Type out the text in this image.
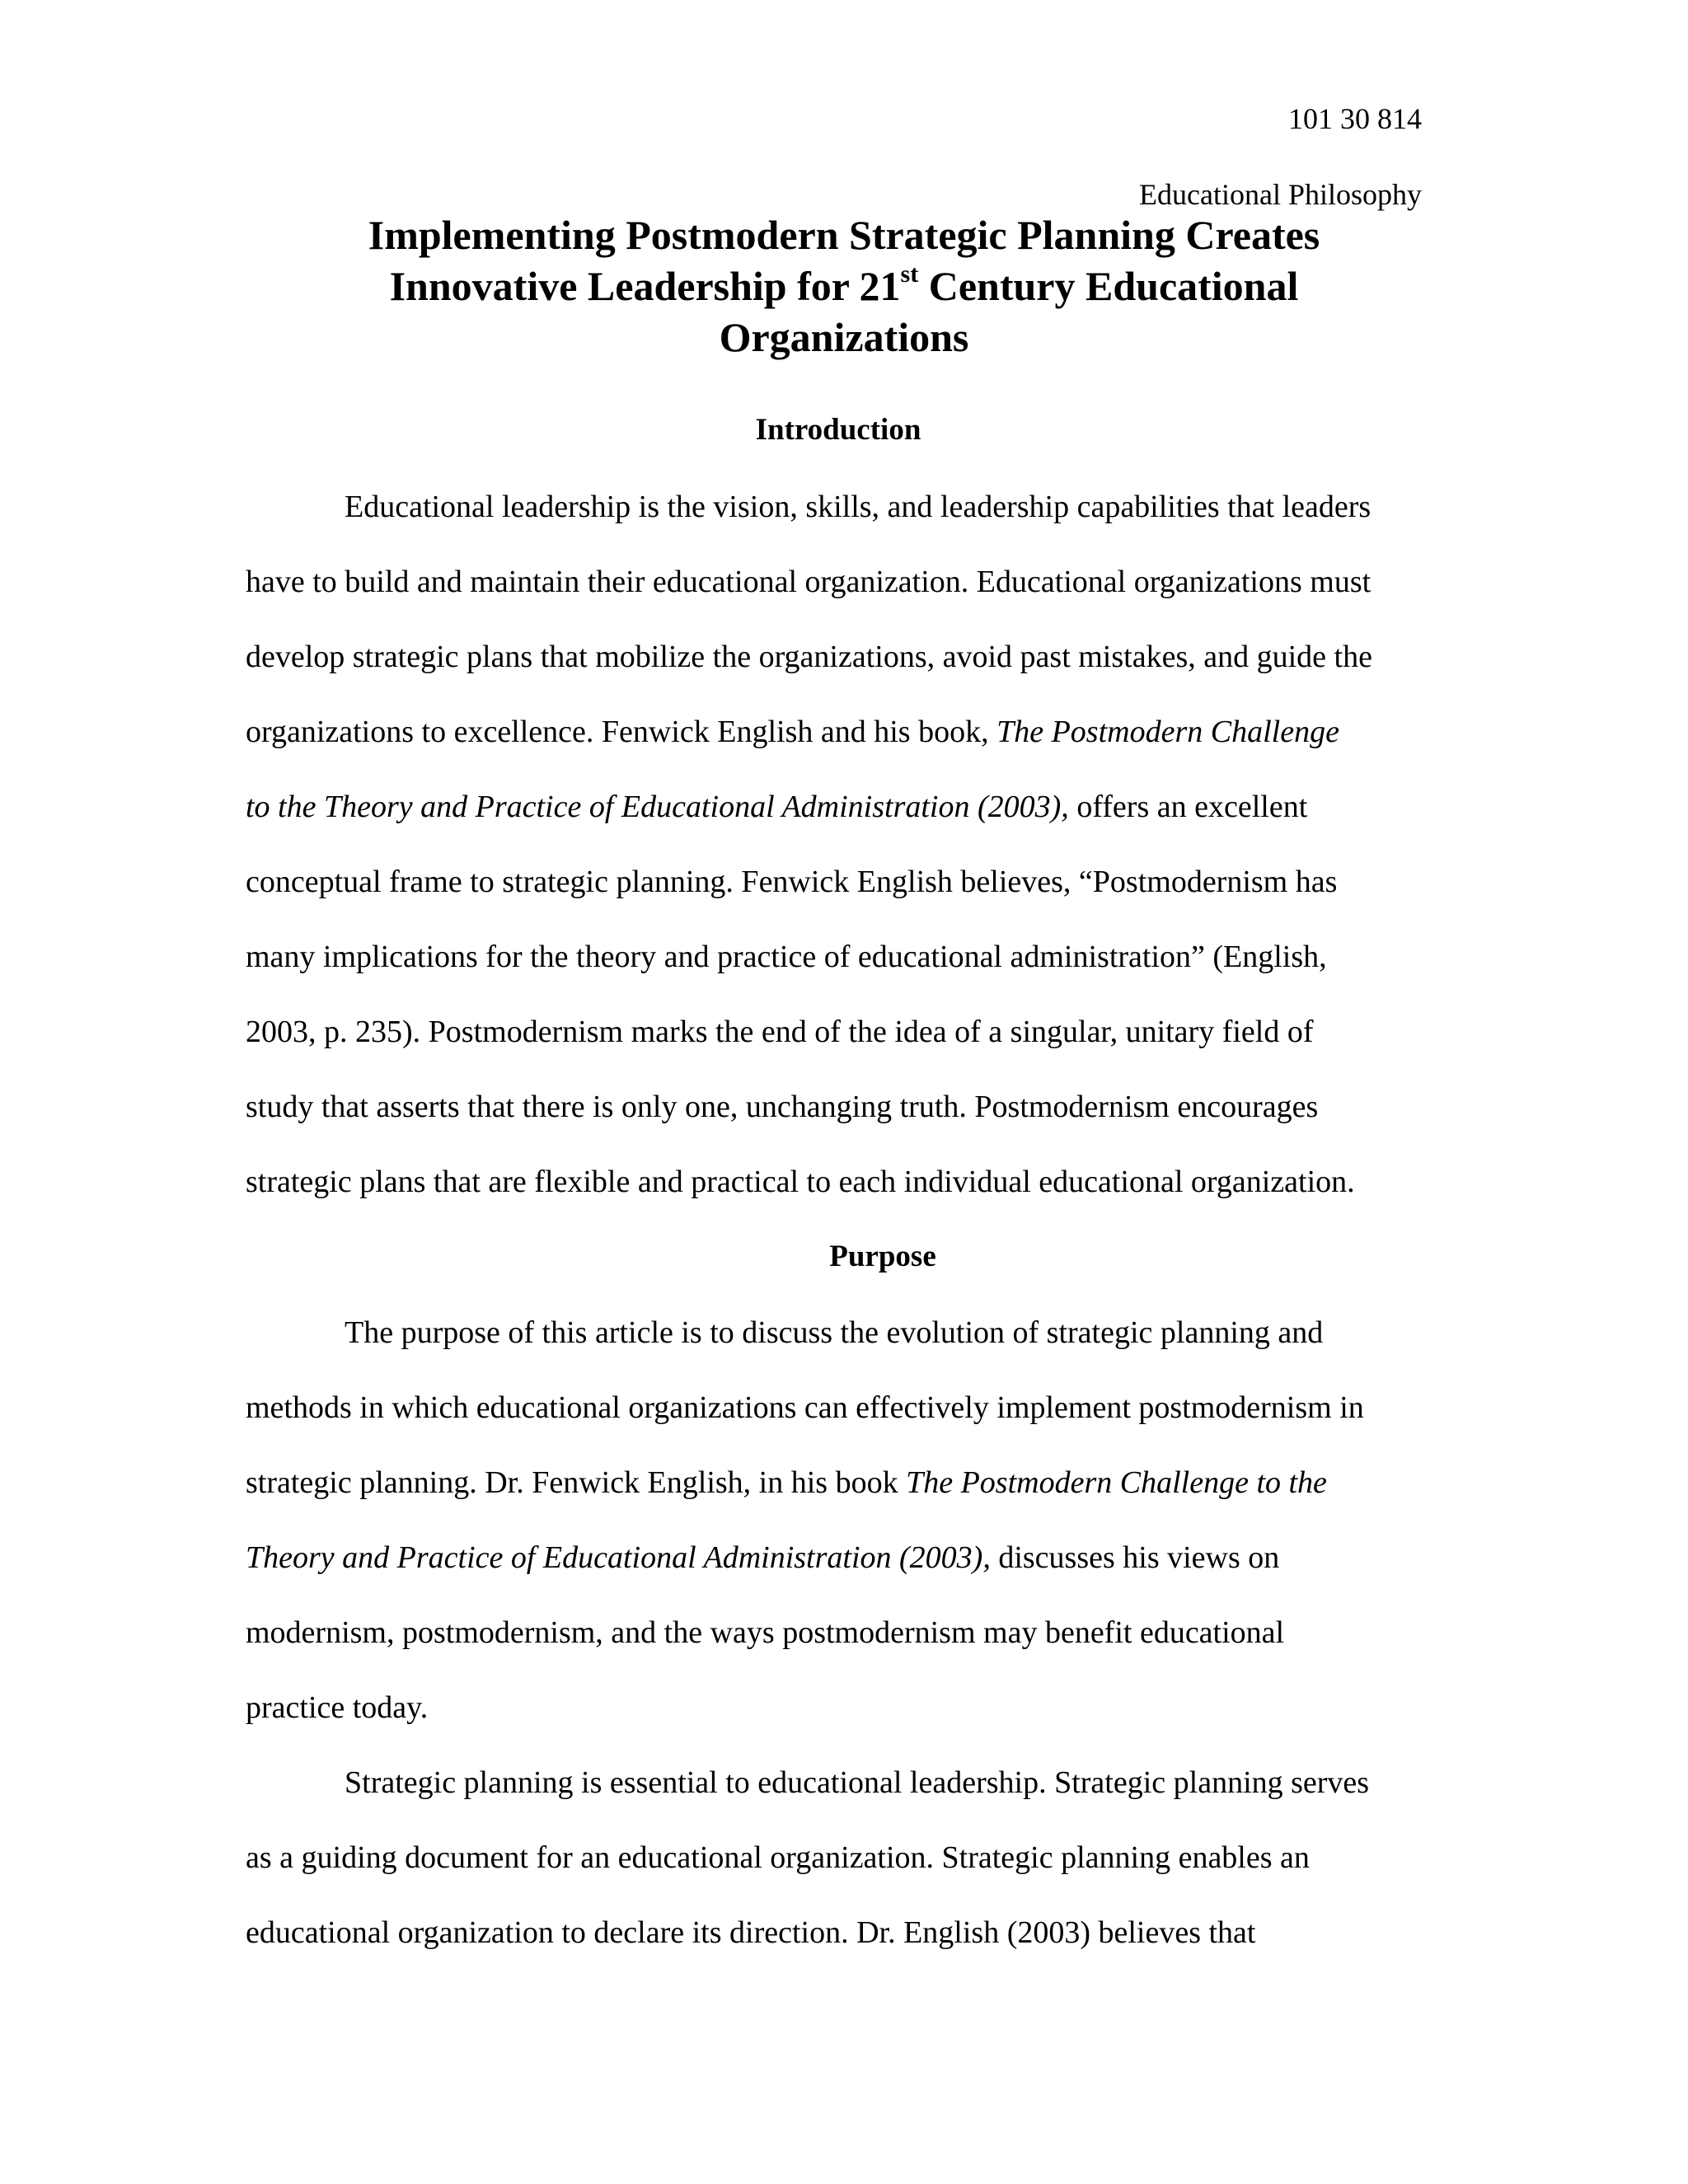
101 30 814
Educational Philosophy
Implementing Postmodern Strategic Planning Creates
Innovative Leadership for 21st Century Educational
Organizations
Introduction
Educational leadership is the vision, skills, and leadership capabilities that leaders
have to build and maintain their educational organization. Educational organizations must
develop strategic plans that mobilize the organizations, avoid past mistakes, and guide the
organizations to excellence. Fenwick English and his book, The Postmodern Challenge
to the Theory and Practice of Educational Administration (2003), offers an excellent
conceptual frame to strategic planning. Fenwick English believes, “Postmodernism has
many implications for the theory and practice of educational administration” (English,
2003, p. 235). Postmodernism marks the end of the idea of a singular, unitary field of
study that asserts that there is only one, unchanging truth. Postmodernism encourages
strategic plans that are flexible and practical to each individual educational organization.
Purpose
The purpose of this article is to discuss the evolution of strategic planning and
methods in which educational organizations can effectively implement postmodernism in
strategic planning. Dr. Fenwick English, in his book The Postmodern Challenge to the
Theory and Practice of Educational Administration (2003), discusses his views on
modernism, postmodernism, and the ways postmodernism may benefit educational
practice today.
Strategic planning is essential to educational leadership. Strategic planning serves
as a guiding document for an educational organization. Strategic planning enables an
educational organization to declare its direction. Dr. English (2003) believes that
